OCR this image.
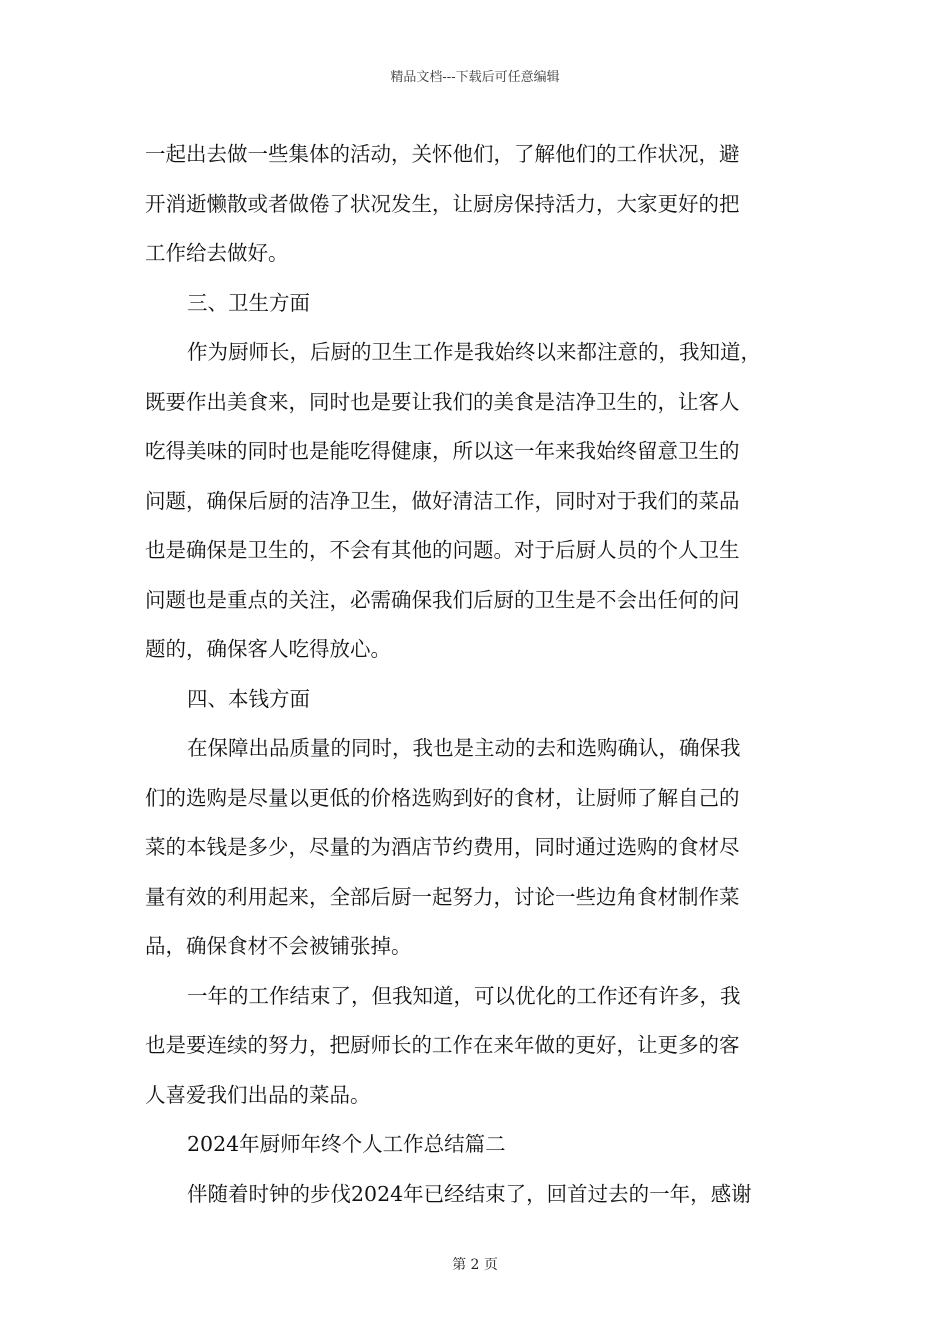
精品文档---下载后可任意编辑
一起出去做一些集体的活动，关怀他们，了解他们的工作状况，避
开消逝懒散或者做倦了状况发生，让厨房保持活力，大家更好的把
工作给去做好。
三、卫生方面
作为厨师长，后厨的卫生工作是我始终以来都注意的，我知道，
既要作出美食来，同时也是要让我们的美食是洁净卫生的，让客人
吃得美味的同时也是能吃得健康，所以这一年来我始终留意卫生的
问题，确保后厨的洁净卫生，做好清洁工作，同时对于我们的菜品
也是确保是卫生的，不会有其他的问题。对于后厨人员的个人卫生
问题也是重点的关注，必需确保我们后厨的卫生是不会出任何的问
题的，确保客人吃得放心。
四、本钱方面
在保障出品质量的同时，我也是主动的去和选购确认，确保我
们的选购是尽量以更低的价格选购到好的食材，让厨师了解自己的
菜的本钱是多少，尽量的为酒店节约费用，同时通过选购的食材尽
量有效的利用起来，全部后厨一起努力，讨论一些边角食材制作菜
品，确保食材不会被铺张掉。
一年的工作结束了，但我知道，可以优化的工作还有许多，我
也是要连续的努力，把厨师长的工作在来年做的更好，让更多的客
人喜爱我们出品的菜品。
2024年厨师年终个人工作总结篇二
伴随着时钟的步伐2024年已经结束了，回首过去的一年，感谢
第 2 页
